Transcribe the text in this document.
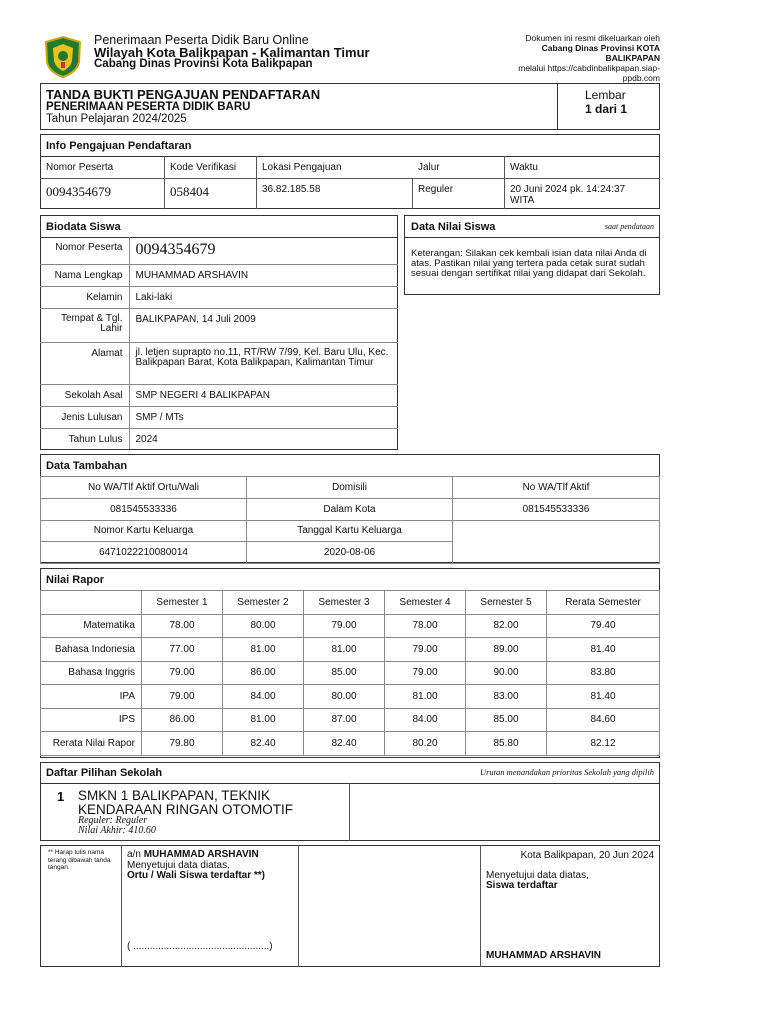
Penerimaan Peserta Didik Baru Online
Wilayah Kota Balikpapan - Kalimantan Timur
Cabang Dinas Provinsi Kota Balikpapan
Dokumen ini resmi dikeluarkan oleh
Cabang Dinas Provinsi KOTA
BALIKPAPAN
melalui https://cabdinbalikpapan.siap-
ppdb.com
TANDA BUKTI PENGAJUAN PENDAFTARAN
PENERIMAAN PESERTA DIDIK BARU
Tahun Pelajaran 2024/2025
Lembar
1 dari 1
Info Pengajuan Pendaftaran
Nomor Peserta	Kode Verifikasi	Lokasi Pengajuan	Jalur	Waktu
0094354679	058404	36.82.185.58	Reguler	20 Juni 2024 pk. 14:24:37 WITA
Biodata Siswa
Nomor Peserta	0094354679
Nama Lengkap	MUHAMMAD ARSHAVIN
Kelamin	Laki-laki
Tempat & Tgl. Lahir	BALIKPAPAN, 14 Juli 2009
Alamat	jl. letjen suprapto no.11, RT/RW 7/99, Kel. Baru Ulu, Kec. Balikpapan Barat, Kota Balikpapan, Kalimantan Timur
Sekolah Asal	SMP NEGERI 4 BALIKPAPAN
Jenis Lulusan	SMP / MTs
Tahun Lulus	2024
Data Nilai Siswa	saat pendataan
Keterangan: Silakan cek kembali isian data nilai Anda di atas. Pastikan nilai yang tertera pada cetak surat sudah sesuai dengan sertifikat nilai yang didapat dari Sekolah.
Data Tambahan
No WA/Tlf Aktif Ortu/Wali	Domisili	No WA/Tlf Aktif
081545533336	Dalam Kota	081545533336
Nomor Kartu Keluarga	Tanggal Kartu Keluarga	
6471022210080014	2020-08-06	
Nilai Rapor
	Semester 1	Semester 2	Semester 3	Semester 4	Semester 5	Rerata Semester
Matematika	78.00	80.00	79.00	78.00	82.00	79.40
Bahasa Indonesia	77.00	81.00	81.00	79.00	89.00	81.40
Bahasa Inggris	79.00	86.00	85.00	79.00	90.00	83.80
IPA	79.00	84.00	80.00	81.00	83.00	81.40
IPS	86.00	81.00	87.00	84.00	85.00	84.60
Rerata Nilai Rapor	79.80	82.40	82.40	80.20	85.80	82.12
Daftar Pilihan Sekolah	Urutan menandakan prioritas Sekolah yang dipilih
1 SMKN 1 BALIKPAPAN, TEKNIK
KENDARAAN RINGAN OTOMOTIF
Reguler: Reguler
Nilai Akhir: 410.60
** Harap tulis nama terang dibawah tanda tangan.
a/n MUHAMMAD ARSHAVIN
Menyetujui data diatas,
Ortu / Wali Siswa terdaftar **)
( .................................................)
Kota Balikpapan, 20 Jun 2024
Menyetujui data diatas,
Siswa terdaftar
MUHAMMAD ARSHAVIN
